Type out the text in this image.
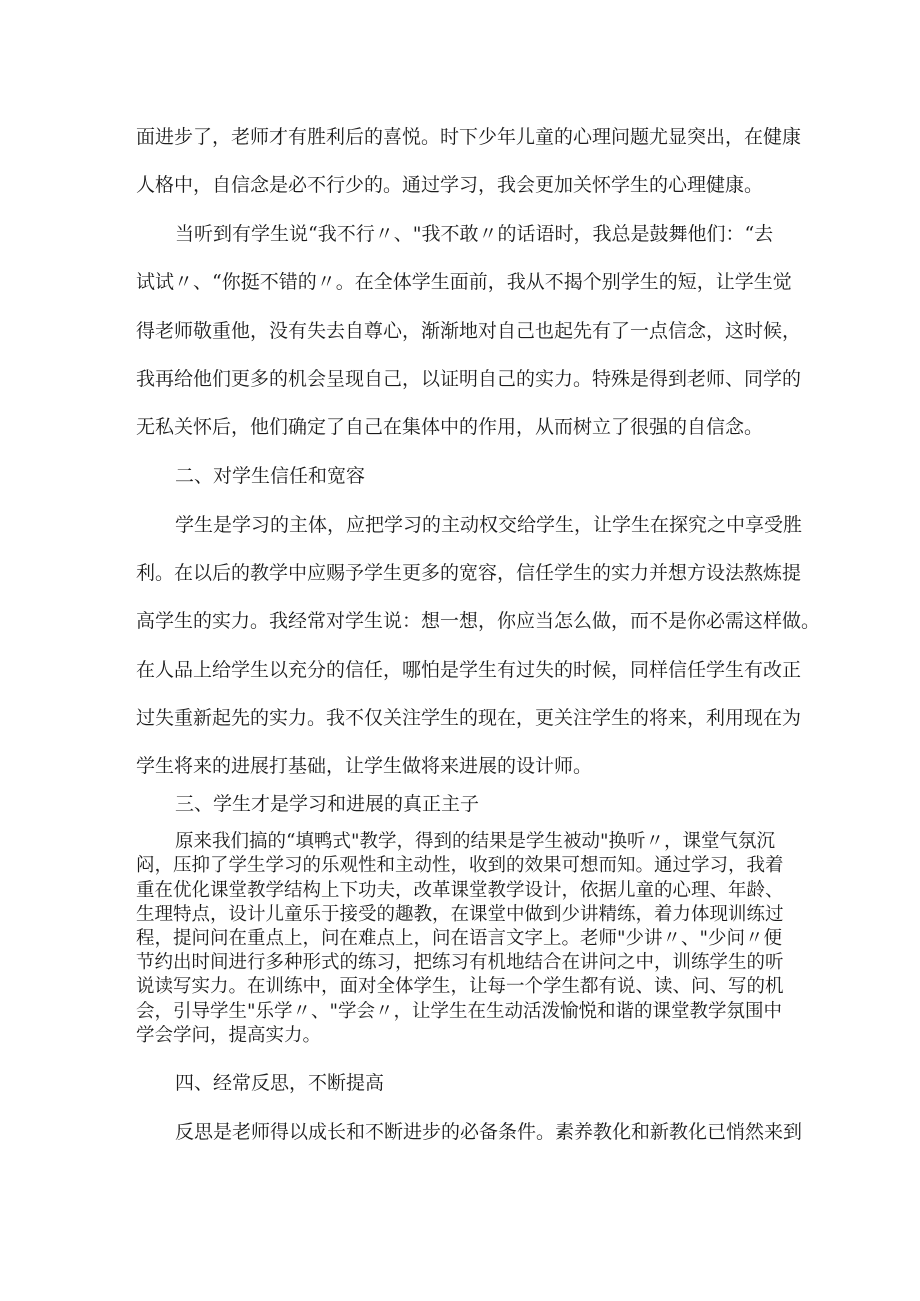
面进步了，老师才有胜利后的喜悦。时下少年儿童的心理问题尤显突出，在健康

人格中，自信念是必不行少的。通过学习，我会更加关怀学生的心理健康。

当听到有学生说“我不行〃、"我不敢〃的话语时，我总是鼓舞他们：“去

试试〃、“你挺不错的〃。在全体学生面前，我从不揭个别学生的短，让学生觉

得老师敬重他，没有失去自尊心，渐渐地对自己也起先有了一点信念，这时候，

我再给他们更多的机会呈现自己，以证明自己的实力。特殊是得到老师、同学的

无私关怀后，他们确定了自己在集体中的作用，从而树立了很强的自信念。

二、对学生信任和宽容

学生是学习的主体，应把学习的主动权交给学生，让学生在探究之中享受胜

利。在以后的教学中应赐予学生更多的宽容，信任学生的实力并想方设法熬炼提

高学生的实力。我经常对学生说：想一想，你应当怎么做，而不是你必需这样做。

在人品上给学生以充分的信任，哪怕是学生有过失的时候，同样信任学生有改正

过失重新起先的实力。我不仅关注学生的现在，更关注学生的将来，利用现在为

学生将来的进展打基础，让学生做将来进展的设计师。

三、学生才是学习和进展的真正主子

原来我们搞的“填鸭式"教学，得到的结果是学生被动"换听〃，课堂气氛沉

闷，压抑了学生学习的乐观性和主动性，收到的效果可想而知。通过学习，我着

重在优化课堂教学结构上下功夫，改革课堂教学设计，依据儿童的心理、年龄、

生理特点，设计儿童乐于接受的趣教，在课堂中做到少讲精练，着力体现训练过

程，提问问在重点上，问在难点上，问在语言文字上。老师"少讲〃、"少问〃便

节约出时间进行多种形式的练习，把练习有机地结合在讲问之中，训练学生的听

说读写实力。在训练中，面对全体学生，让每一个学生都有说、读、问、写的机

会，引导学生"乐学〃、"学会〃，让学生在生动活泼愉悦和谐的课堂教学氛围中

学会学问，提高实力。

四、经常反思，不断提高

反思是老师得以成长和不断进步的必备条件。素养教化和新教化已悄然来到
